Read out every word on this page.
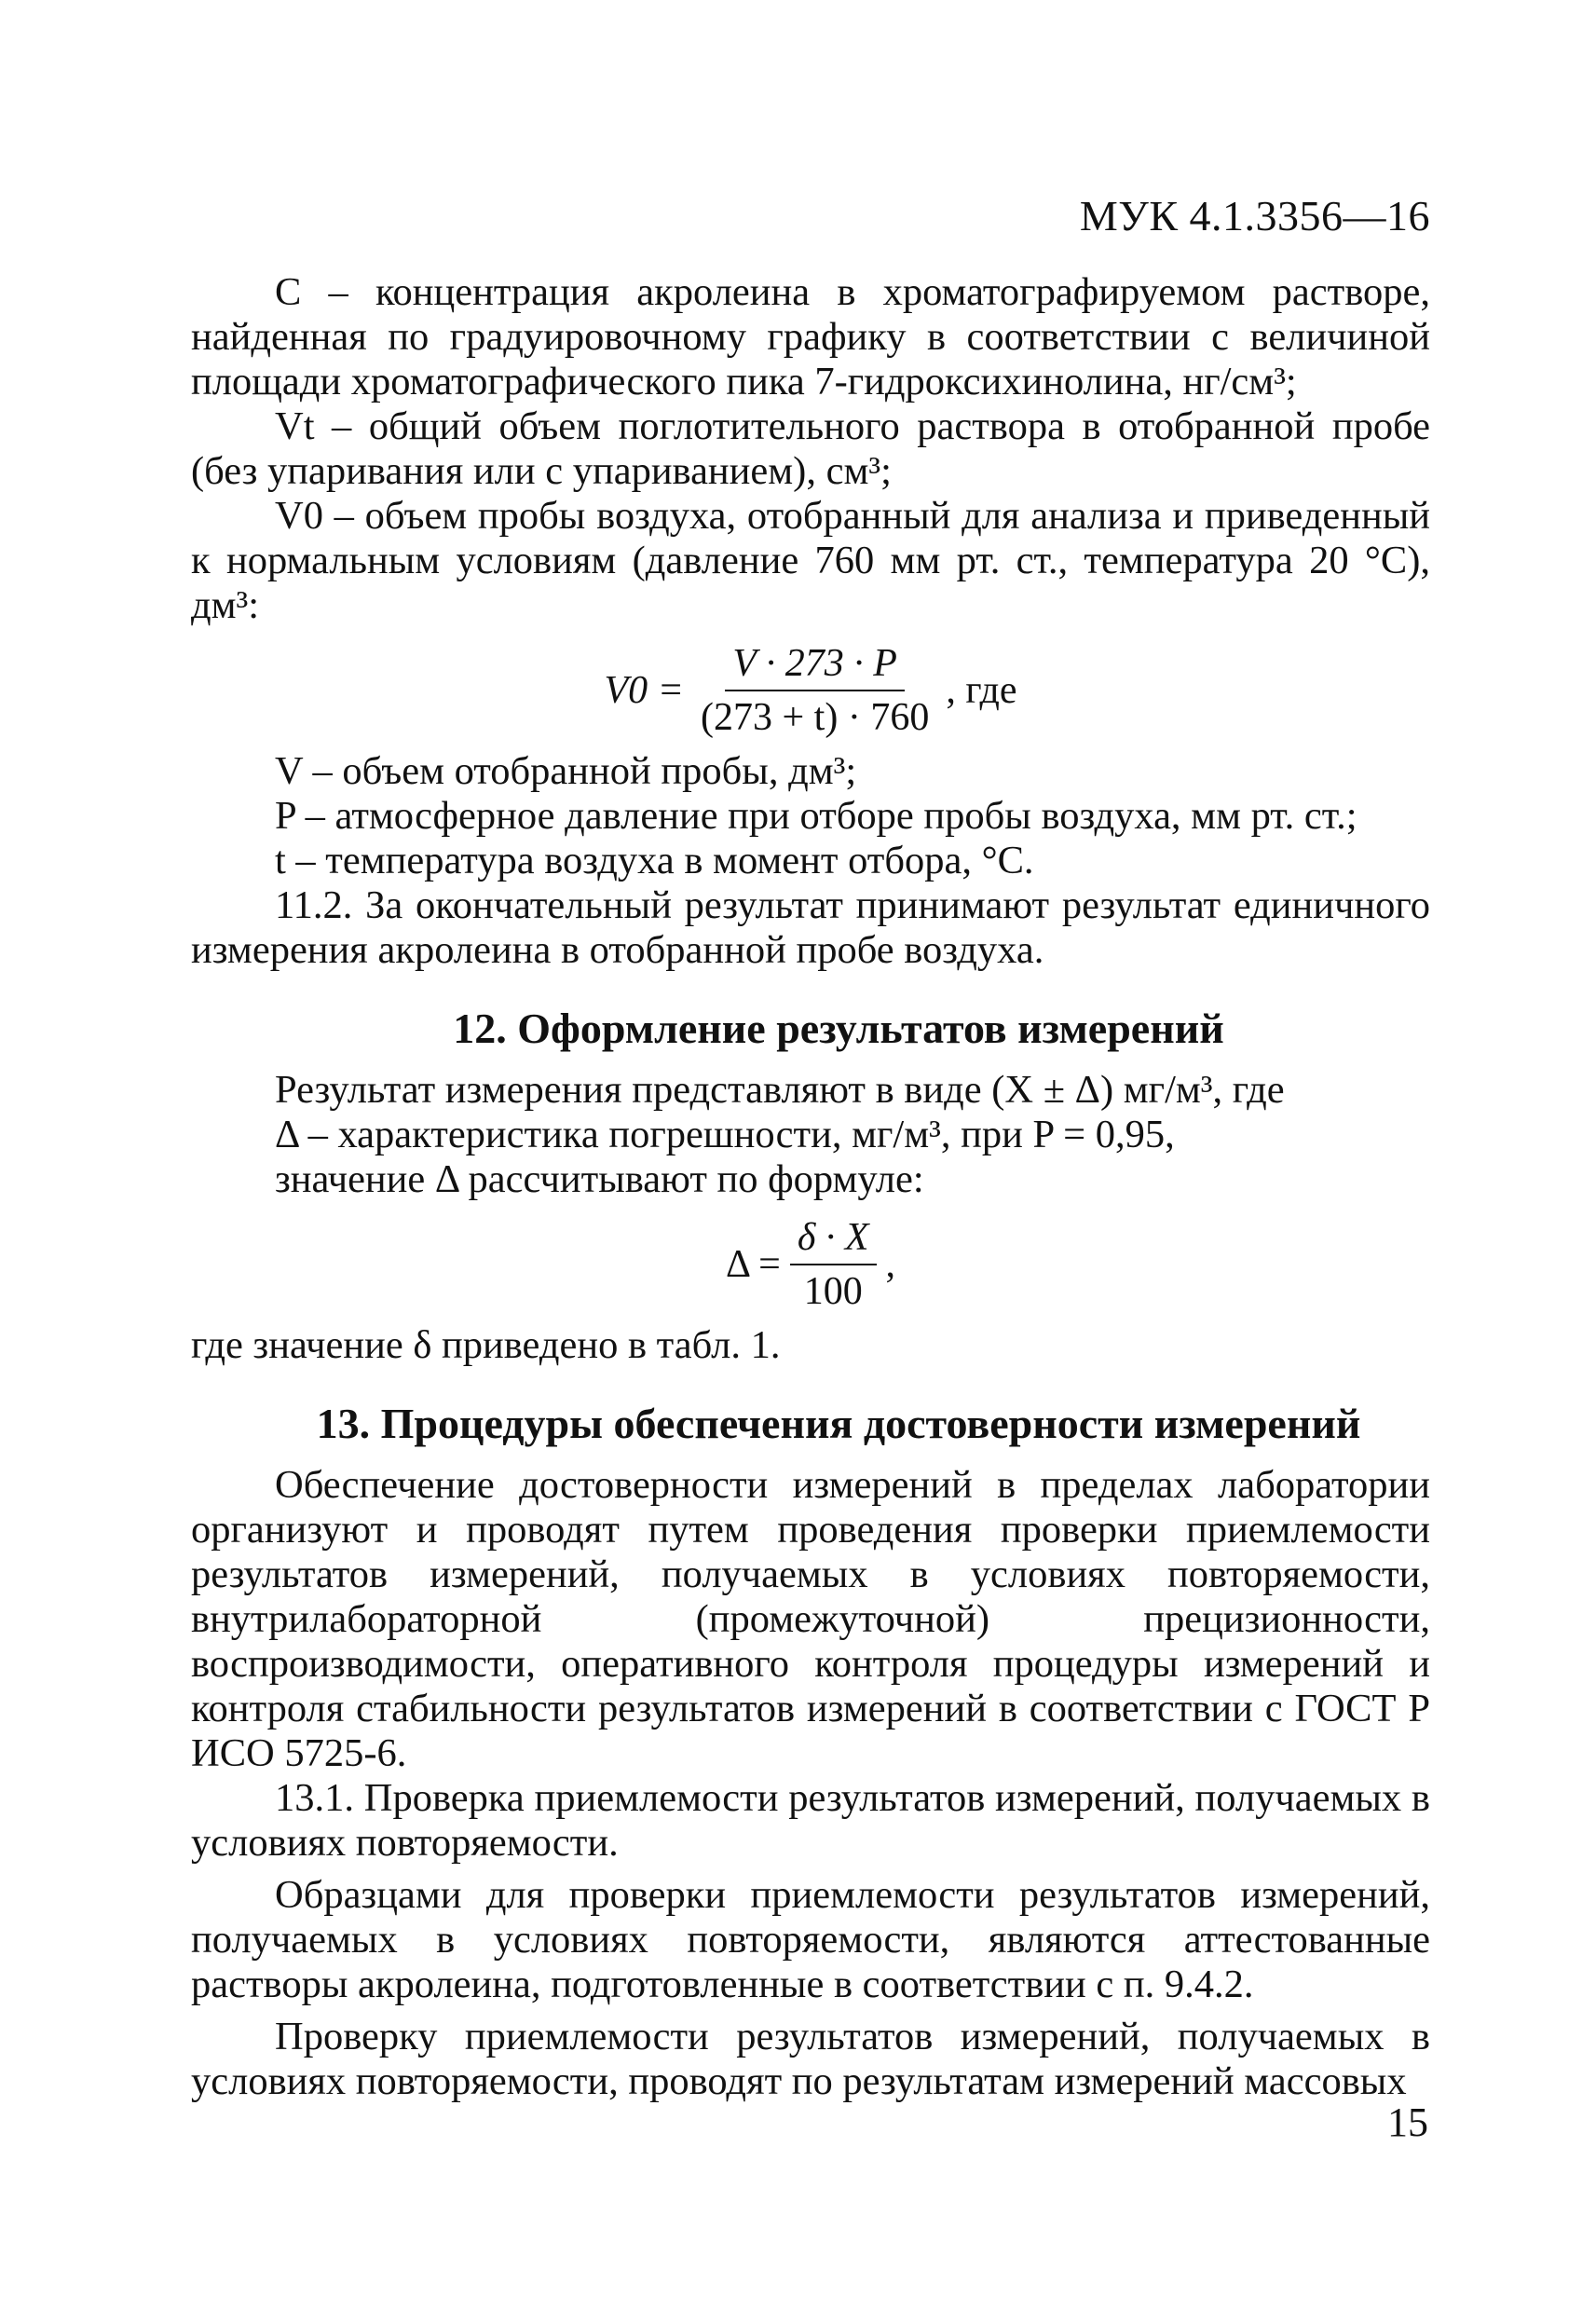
МУК 4.1.3356—16

С – концентрация акролеина в хроматографируемом растворе, найденная по градуировочному графику в соответствии с величиной площади хроматографического пика 7-гидроксихинолина, нг/см³;

Vt – общий объем поглотительного раствора в отобранной пробе (без упаривания или с упариванием), см³;

V0 – объем пробы воздуха, отобранный для анализа и приведенный к нормальным условиям (давление 760 мм рт. ст., температура 20 °С), дм³:

$V0 = \frac{V \cdot 273 \cdot P}{(273 + t) \cdot 760}$ , где

V – объем отобранной пробы, дм³;

P – атмосферное давление при отборе пробы воздуха, мм рт. ст.;

t – температура воздуха в момент отбора, °С.

11.2. За окончательный результат принимают результат единичного измерения акролеина в отобранной пробе воздуха.

12. Оформление результатов измерений

Результат измерения представляют в виде (X ± Δ) мг/м³, где

Δ – характеристика погрешности, мг/м³, при P = 0,95,

значение Δ рассчитывают по формуле:

$\Delta = \frac{\delta \cdot X}{100}$ ,

где значение δ приведено в табл. 1.

13. Процедуры обеспечения достоверности измерений

Обеспечение достоверности измерений в пределах лаборатории организуют и проводят путем проведения проверки приемлемости результатов измерений, получаемых в условиях повторяемости, внутрилабораторной (промежуточной) прецизионности, воспроизводимости, оперативного контроля процедуры измерений и контроля стабильности результатов измерений в соответствии с ГОСТ Р ИСО 5725-6.

13.1. Проверка приемлемости результатов измерений, получаемых в условиях повторяемости.

Образцами для проверки приемлемости результатов измерений, получаемых в условиях повторяемости, являются аттестованные растворы акролеина, подготовленные в соответствии с п. 9.4.2.

Проверку приемлемости результатов измерений, получаемых в условиях повторяемости, проводят по результатам измерений массовых

15
